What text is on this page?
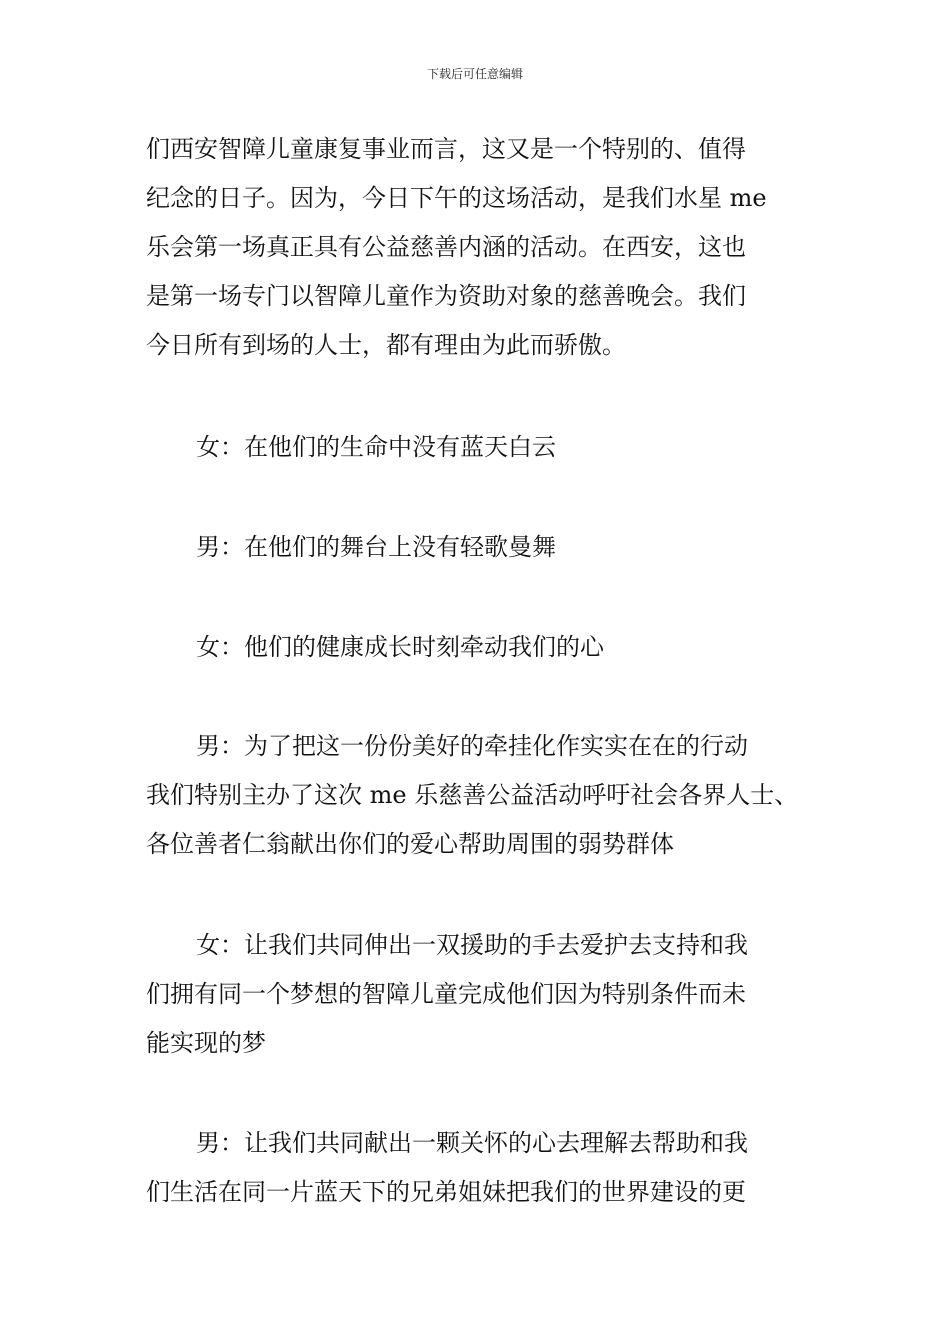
下载后可任意编辑
们西安智障儿童康复事业而言，这又是一个特别的、值得
纪念的日子。因为，今日下午的这场活动，是我们水星 me
乐会第一场真正具有公益慈善内涵的活动。在西安，这也
是第一场专门以智障儿童作为资助对象的慈善晚会。我们
今日所有到场的人士，都有理由为此而骄傲。
女：在他们的生命中没有蓝天白云
男：在他们的舞台上没有轻歌曼舞
女：他们的健康成长时刻牵动我们的心
男：为了把这一份份美好的牵挂化作实实在在的行动
我们特别主办了这次 me 乐慈善公益活动呼吁社会各界人士、
各位善者仁翁献出你们的爱心帮助周围的弱势群体
女：让我们共同伸出一双援助的手去爱护去支持和我
们拥有同一个梦想的智障儿童完成他们因为特别条件而未
能实现的梦
男：让我们共同献出一颗关怀的心去理解去帮助和我
们生活在同一片蓝天下的兄弟姐妹把我们的世界建设的更
